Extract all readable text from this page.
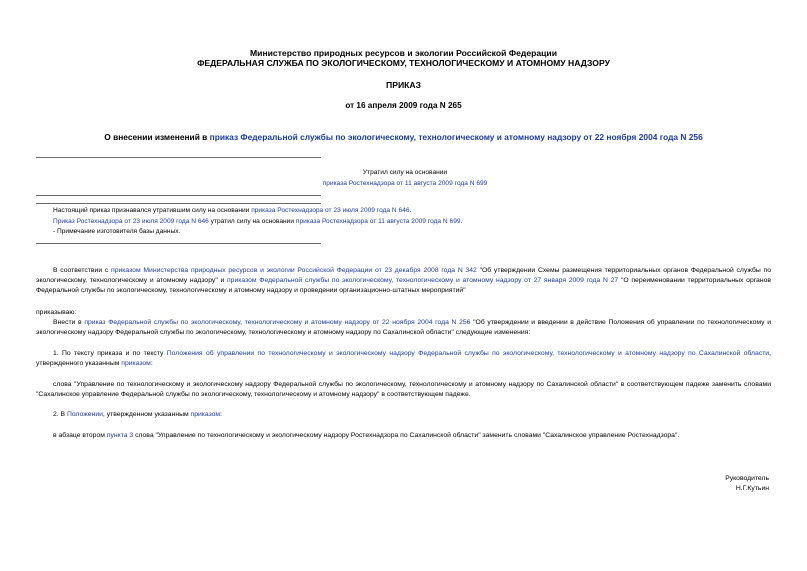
Министерство природных ресурсов и экологии Российской Федерации
ФЕДЕРАЛЬНАЯ СЛУЖБА ПО ЭКОЛОГИЧЕСКОМУ, ТЕХНОЛОГИЧЕСКОМУ И АТОМНОМУ НАДЗОРУ
ПРИКАЗ
от 16 апреля 2009 года N 265
О внесении изменений в приказ Федеральной службы по экологическому, технологическому и атомному надзору от 22 ноября 2004 года N 256
Утратил силу на основании
приказа Ростехнадзора от 11 августа 2009 года N 699
Настоящий приказ признавался утратившим силу на основании приказа Ростехнадзора от 23 июля 2009 года N 646.
Приказ Ростехнадзора от 23 июля 2009 года N 646 утратил силу на основании приказа Ростехнадзора от 11 августа 2009 года N 699.
- Примечание изготовителя базы данных.
В соответствии с приказом Министерства природных ресурсов и экологии Российской Федерации от 23 декабря 2008 года N 342 "Об утверждении Схемы размещения территориальных органов Федеральной службы по экологическому, технологическому и атомному надзору" и приказом Федеральной службы по экологическому, технологическому и атомному надзору от 27 января 2009 года N 27 "О переименовании территориальных органов Федеральной службы по экологическому, технологическому и атомному надзору и проведении организационно-штатных мероприятий"
приказываю:
Внести в приказ Федеральной службы по экологическому, технологическому и атомному надзору от 22 ноября 2004 года N 256 "Об утверждении и введении в действие Положения об управлении по технологическому и экологическому надзору Федеральной службы по экологическому, технологическому и атомному надзору по Сахалинской области" следующие изменения:
1. По тексту приказа и по тексту Положения об управлении по технологическому и экологическому надзору Федеральной службы по экологическому, технологическому и атомному надзору по Сахалинской области, утвержденного указанным приказом:
слова "Управление по технологическому и экологическому надзору Федеральной службы по экологическому, технологическому и атомному надзору по Сахалинской области" в соответствующем падеже заменить словами "Сахалинское управление Федеральной службы по экологическому, технологическому и атомному надзору" в соответствующем падеже.
2. В Положении, утвержденном указанным приказом:
в абзаце втором пункта 3 слова "Управление по технологическому и экологическому надзору Ростехнадзора по Сахалинской области" заменить словами "Сахалинское управление Ростехнадзора".
Руководитель
Н.Г.Кутьин
